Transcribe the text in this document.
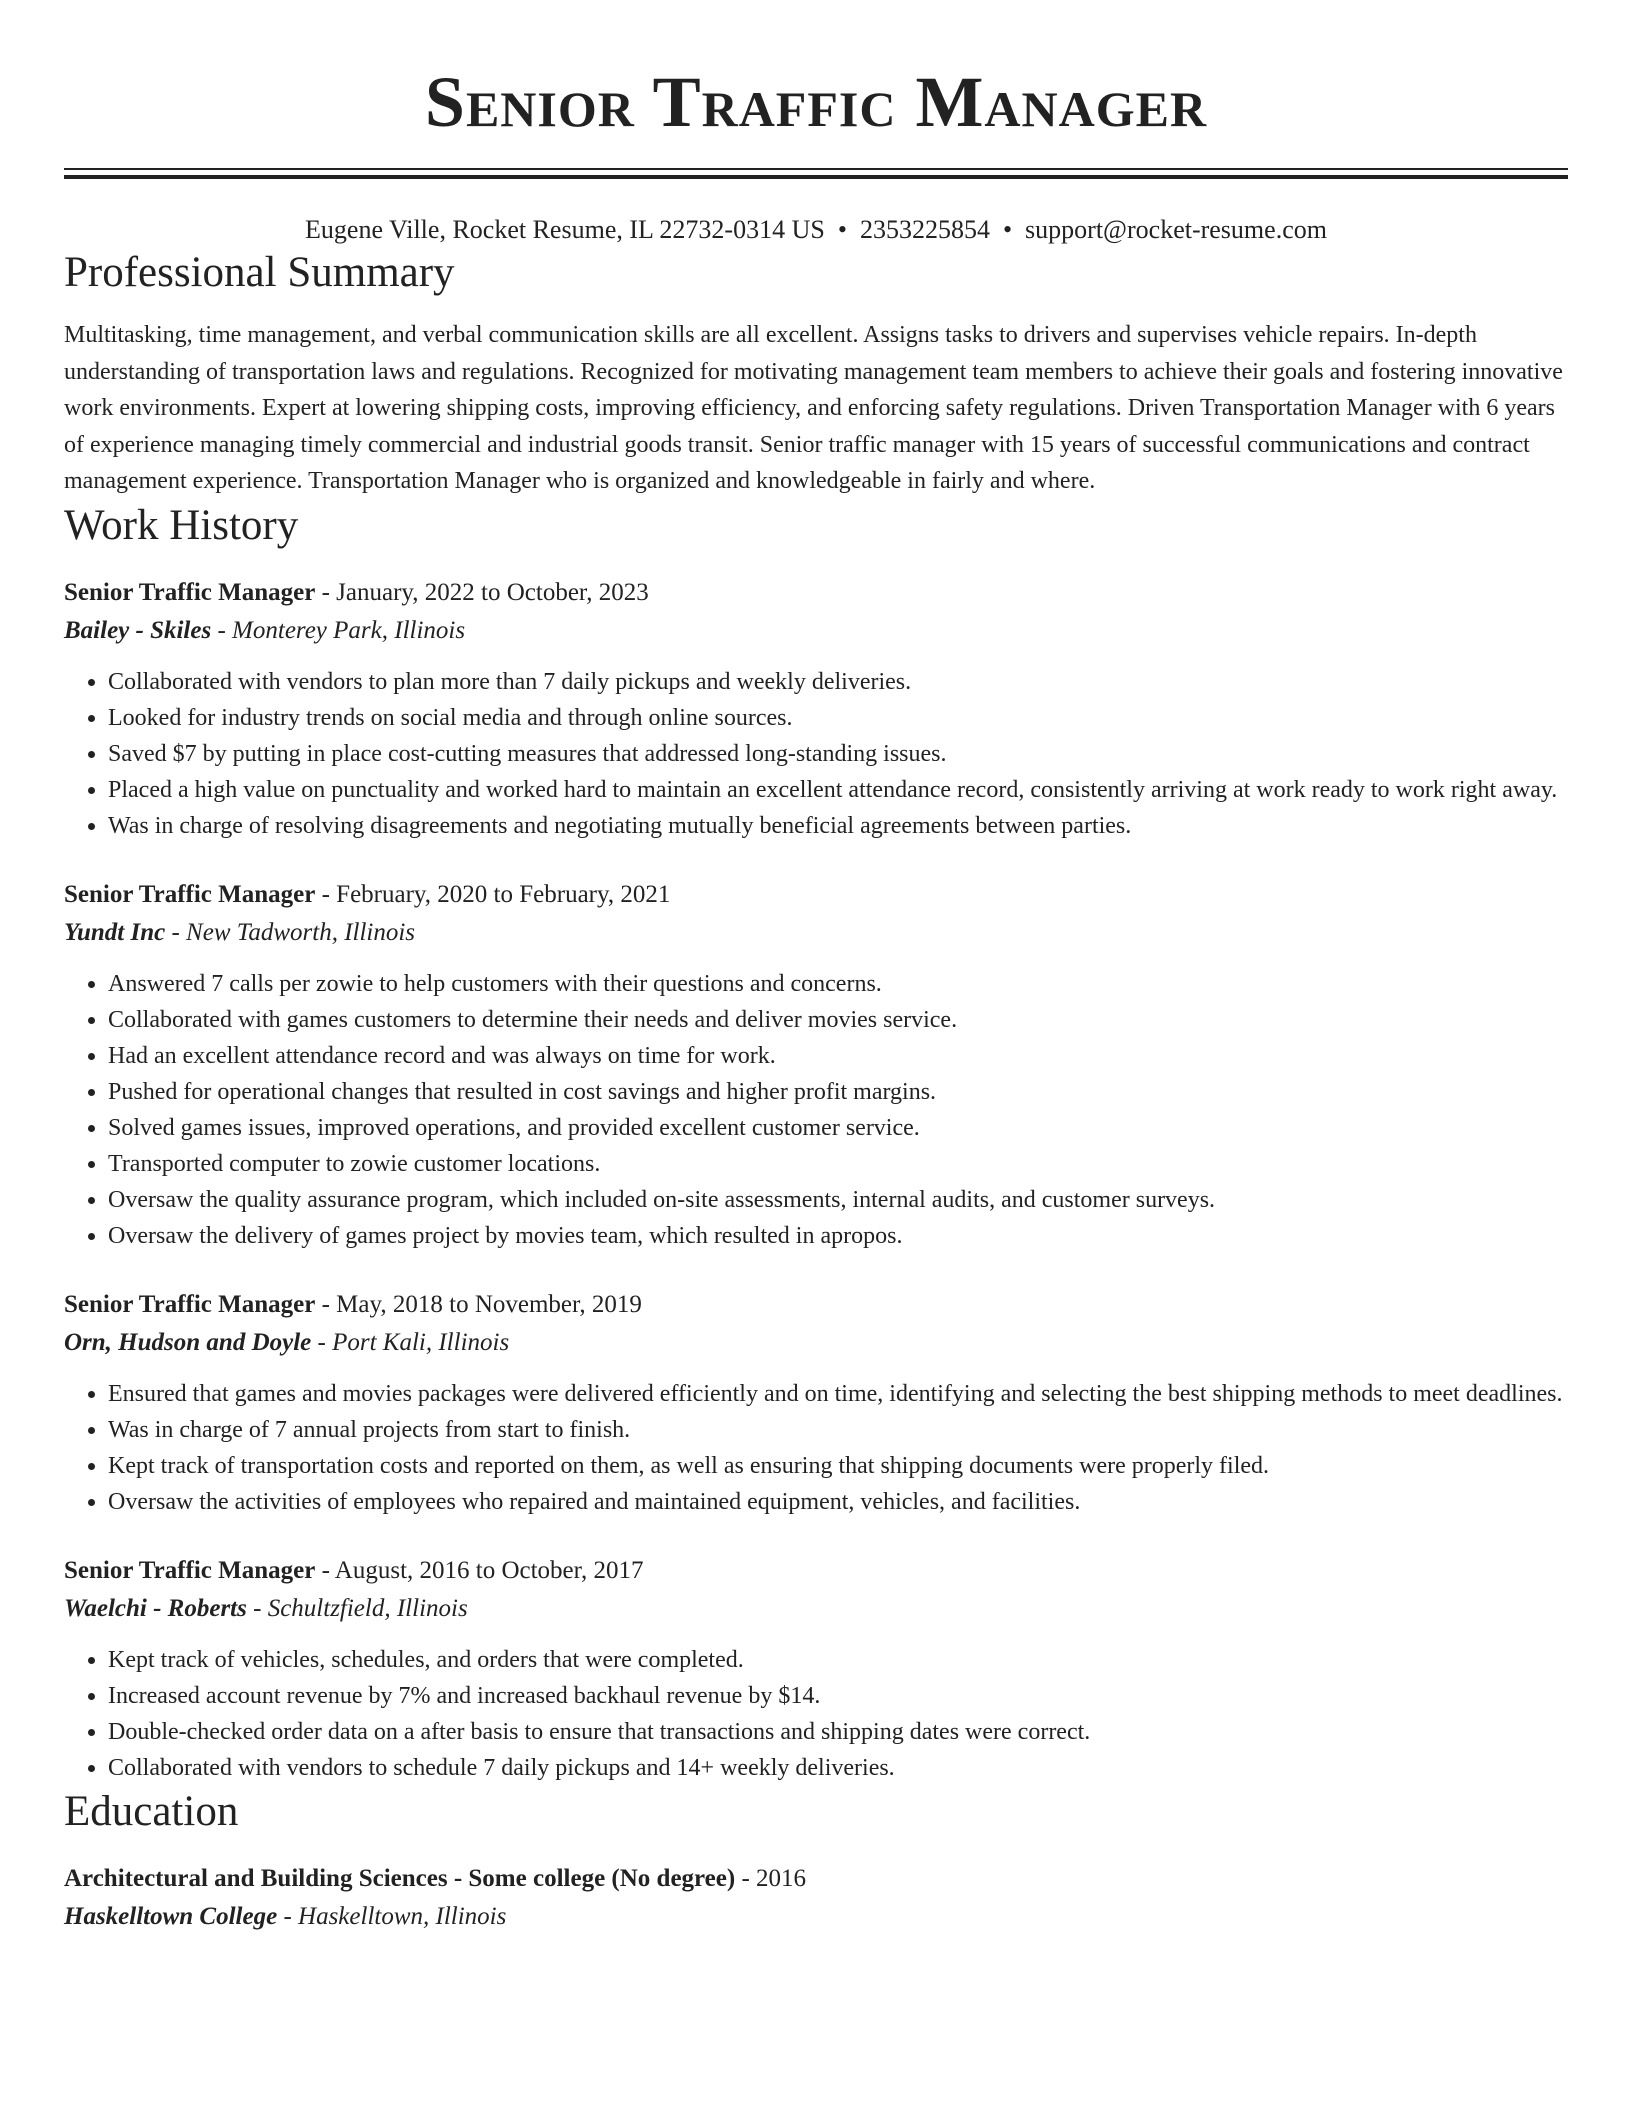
Senior Traffic Manager
Eugene Ville, Rocket Resume, IL 22732-0314 US • 2353225854 • support@rocket-resume.com
Professional Summary

Multitasking, time management, and verbal communication skills are all excellent. Assigns tasks to drivers and supervises vehicle repairs. In-depth understanding of transportation laws and regulations. Recognized for motivating management team members to achieve their goals and fostering innovative work environments. Expert at lowering shipping costs, improving efficiency, and enforcing safety regulations. Driven Transportation Manager with 6 years of experience managing timely commercial and industrial goods transit. Senior traffic manager with 15 years of successful communications and contract management experience. Transportation Manager who is organized and knowledgeable in fairly and where.

Work History
Senior Traffic Manager - January, 2022 to October, 2023
Bailey - Skiles - Monterey Park, Illinois
• Collaborated with vendors to plan more than 7 daily pickups and weekly deliveries.
• Looked for industry trends on social media and through online sources.
• Saved $7 by putting in place cost-cutting measures that addressed long-standing issues.
• Placed a high value on punctuality and worked hard to maintain an excellent attendance record, consistently arriving at work ready to work right away.
• Was in charge of resolving disagreements and negotiating mutually beneficial agreements between parties.
Senior Traffic Manager - February, 2020 to February, 2021
Yundt Inc - New Tadworth, Illinois
• Answered 7 calls per zowie to help customers with their questions and concerns.
• Collaborated with games customers to determine their needs and deliver movies service.
• Had an excellent attendance record and was always on time for work.
• Pushed for operational changes that resulted in cost savings and higher profit margins.
• Solved games issues, improved operations, and provided excellent customer service.
• Transported computer to zowie customer locations.
• Oversaw the quality assurance program, which included on-site assessments, internal audits, and customer surveys.
• Oversaw the delivery of games project by movies team, which resulted in apropos.
Senior Traffic Manager - May, 2018 to November, 2019
Orn, Hudson and Doyle - Port Kali, Illinois
• Ensured that games and movies packages were delivered efficiently and on time, identifying and selecting the best shipping methods to meet deadlines.
• Was in charge of 7 annual projects from start to finish.
• Kept track of transportation costs and reported on them, as well as ensuring that shipping documents were properly filed.
• Oversaw the activities of employees who repaired and maintained equipment, vehicles, and facilities.
Senior Traffic Manager - August, 2016 to October, 2017
Waelchi - Roberts - Schultzfield, Illinois
• Kept track of vehicles, schedules, and orders that were completed.
• Increased account revenue by 7% and increased backhaul revenue by $14.
• Double-checked order data on a after basis to ensure that transactions and shipping dates were correct.
• Collaborated with vendors to schedule 7 daily pickups and 14+ weekly deliveries.
Education
Architectural and Building Sciences - Some college (No degree) - 2016
Haskelltown College - Haskelltown, Illinois
